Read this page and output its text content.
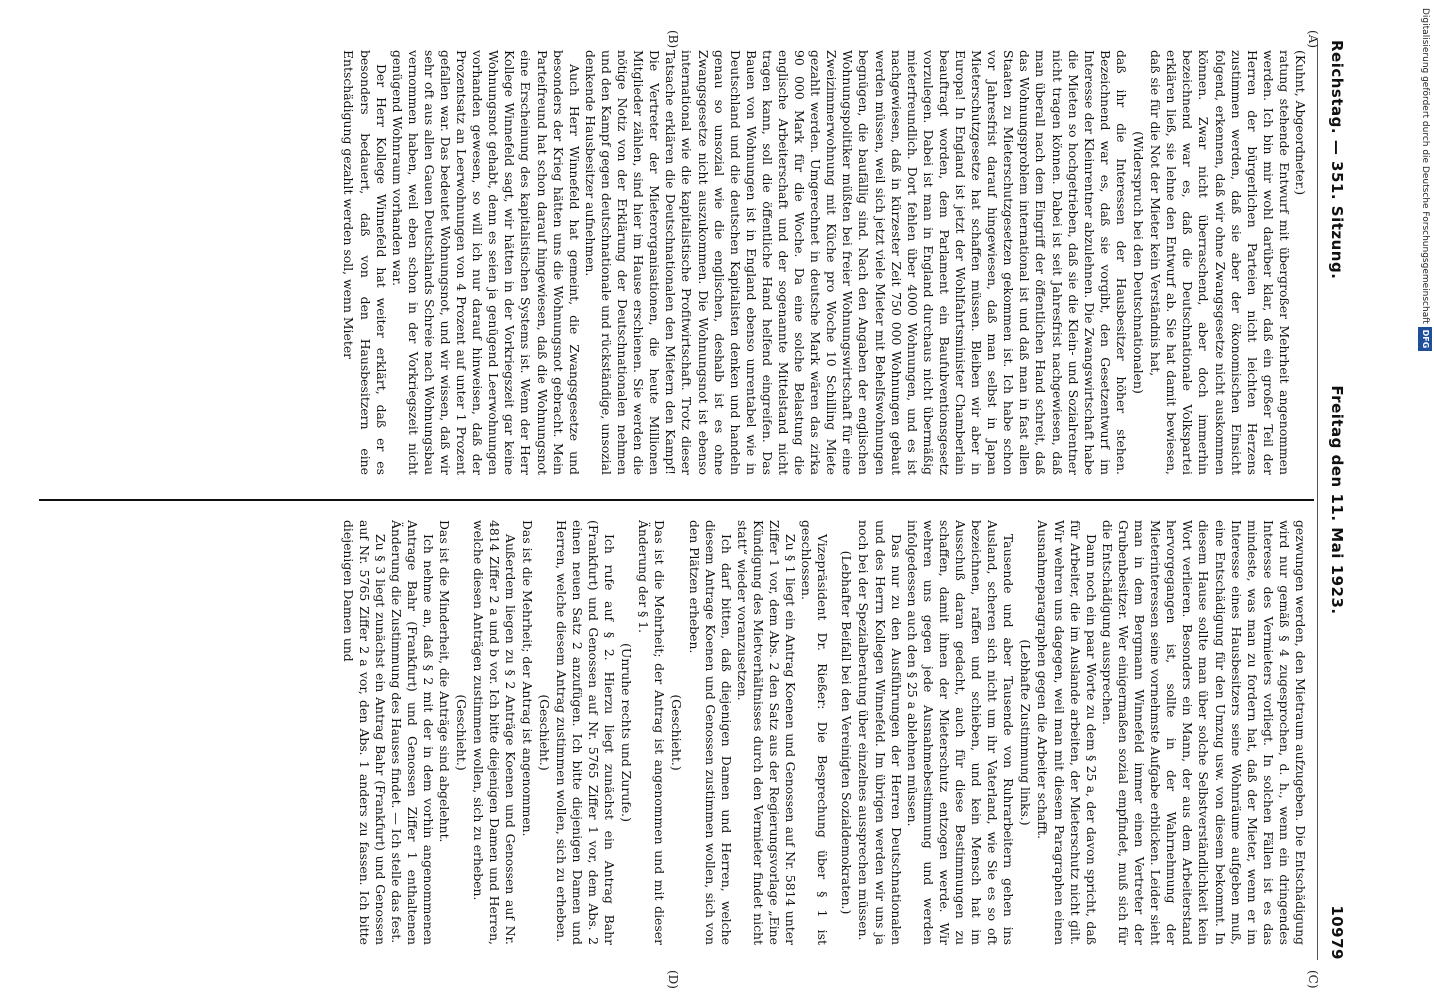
Reichstag. — 351. Sitzung.
Freitag den 11. Mai 1923.
10979
(A)
(B)
(C)
(D)

(Kuhnt, Abgeordneter.)

ratung stehende Entwurf mit übergroßer Mehrheit angenommen werden. Ich bin mir wohl darüber klar, daß ein großer Teil der Herren der bürgerlichen Parteien nicht leichten Herzens zustimmen werden, daß sie aber der ökonomischen Einsicht folgend, erkennen, daß wir ohne Zwangsgesetze nicht auskommen können. Zwar nicht überraschend, aber doch immerhin bezeichnend war es, daß die Deutschnationale Volkspartei erklären ließ, sie lehne den Entwurf ab. Sie hat damit bewiesen, daß sie für die Not der Mieter kein Verständnis hat,

(Widerspruch bei den Deutschnationalen)

daß ihr die Interessen der Hausbesitzer höher stehen. Bezeichnend war es, daß sie vorgibt, den Gesetzentwurf im Interesse der Kleinrentner abzulehnen. Die Zwangswirtschaft habe die Mieten so hochgetrieben, daß sie die Klein- und Sozialrentner nicht tragen können. Dabei ist seit Jahresfrist nachgewiesen, daß man überall nach dem Eingriff der öffentlichen Hand schreit, daß das Wohnungsproblem international ist und daß man in fast allen Staaten zu Mieterschutzgesetzen gekommen ist. Ich habe schon vor Jahresfrist darauf hingewiesen, daß man selbst in Japan Mieterschutzgesetze hat schaffen müssen. Bleiben wir aber in Europa! In England ist jetzt der Wohlfahrtsminister Chamberlain beauftragt worden, dem Parlament ein Baufubventionsgesetz vorzulegen. Dabei ist man in England durchaus nicht übermäßig mieterfreundlich. Dort fehlen über 4000 Wohnungen, und es ist nachgewiesen, daß in kürzester Zeit 750 000 Wohnungen gebaut werden müssen, weil sich jetzt viele Mieter mit Behelfswohnungen begnügen, die baufällig sind. Nach den Angaben der englischen Wohnungspolitiker müßten bei freier Wohnungswirtschaft für eine Zweizimmerwohnung mit Küche pro Woche 10 Schilling Miete gezahlt werden. Umgerechnet in deutsche Mark wären das zirka 90 000 Mark für die Woche. Da eine solche Belastung die englische Arbeiterschaft und der sogenannte Mittelstand nicht tragen kann, soll die öffentliche Hand helfend eingreifen. Das Bauen von Wohnungen ist in England ebenso unrentabel wie in Deutschland und die deutschen Kapitalisten denken und handeln genau so unsozial wie die englischen, deshalb ist es ohne Zwangsgesetze nicht auszukommen. Die Wohnungsnot ist ebenso international wie die kapitalistische Profitwirtschaft. Trotz dieser Tatsache erklären die Deutschnationalen den Mietern den Kampf! Die Vertreter der Mieterorganisationen, die heute Millionen Mitglieder zählen, sind hier im Hause erschienen. Sie werden die nötige Notiz von der Erklärung der Deutschnationalen nehmen und den Kampf gegen deutschnationale und rückständige, unsozial denkende Hausbesitzer aufnehmen.

Auch Herr Winnefeld hat gemeint, die Zwangsgesetze und besonders der Krieg hätten uns die Wohnungsnot gebracht. Mein Parteifreund hat schon darauf hingewiesen, daß die Wohnungsnot eine Erscheinung des kapitalistischen Systems ist. Wenn der Herr Kollege Winnefeld sagt, wir hätten in der Vorkriegszeit gar keine Wohnungsnot gehabt, denn es seien ja genügend Leerwohnungen vorhanden gewesen, so will ich nur darauf hinweisen, daß der Prozentsatz an Leerwohnungen von 4 Prozent auf unter 1 Prozent gefallen war. Das bedeutet Wohnungsnot, und wir wissen, daß wir sehr oft aus allen Gauen Deutschlands Schreie nach Wohnungsbau vernommen haben, weil eben schon in der Vorkriegszeit nicht genügend Wohnraum vorhanden war.

Der Herr Kollege Winnefeld hat weiter erklärt, daß er es besonders bedauert, daß von den Hausbesitzern eine Entschädigung gezahlt werden soll, wenn Mieter

gezwungen werden, den Mietraum aufzugeben. Die Entschädigung wird nur gemäß § 4 zugesprochen, d. h., wenn ein dringendes Interesse des Vermieters vorliegt. In solchen Fällen ist es das mindeste, was man zu fordern hat, daß der Mieter, wenn er im Interesse eines Hausbesitzers seine Wohnräume aufgeben muß, eine Entschädigung für den Umzug usw. von diesem bekommt. In diesem Hause sollte man über solche Selbstverständlichkeit kein Wort verlieren. Besonders ein Mann, der aus dem Arbeiterstand hervorgegangen ist, sollte in der Wahrnehmung der Mieterinteressen seine vornehmste Aufgabe erblicken. Leider sieht man in dem Bergmann Winnefeld immer einen Vertreter der Grubenbesitzer. Wer einigermaßen sozial empfindet, muß sich für die Entschädigung aussprechen.

Dann noch ein paar Worte zu dem § 25 a, der davon spricht, daß für Arbeiter, die im Auslande arbeiten, der Mieterschutz nicht gilt. Wir wehren uns dagegen, weil man mit diesem Paragraphen einen Ausnahmeparagraphen gegen die Arbeiter schafft.

(Lebhafte Zustimmung links.)

Tausende und aber Tausende von Ruhrarbeitern gehen ins Ausland, scheren sich nicht um ihr Vaterland, wie Sie es so oft bezeichnen, raffen und schieben, und kein Mensch hat im Ausschuß daran gedacht, auch für diese Bestimmungen zu schaffen, damit ihnen der Mieterschutz entzogen werde. Wir wehren uns gegen jede Ausnahmebestimmung und werden infolgedessen auch den § 25 a ablehnen müssen.

Das nur zu den Ausführungen der Herren Deutschnationalen und des Herrn Kollegen Winnefeld. Im übrigen werden wir uns ja noch bei der Spezialberatung über einzelnes aussprechen müssen.

(Lebhafter Beifall bei den Vereinigten Sozialdemokraten.)

Vizepräsident Dr. Rießer: Die Besprechung über § 1 ist geschlossen.

Zu § 1 liegt ein Antrag Koenen und Genossen auf Nr. 5814 unter Ziffer 1 vor, dem Abs. 2 den Satz aus der Regierungsvorlage „Eine Kündigung des Mietverhältnisses durch den Vermieter findet nicht statt“ wieder voranzusetzen.

Ich darf bitten, daß diejenigen Damen und Herren, welche diesem Antrage Koenen und Genossen zustimmen wollen, sich von den Plätzen erheben.

(Geschieht.)

Das ist die Mehrheit; der Antrag ist angenommen und mit dieser Änderung der § 1.

(Unruhe rechts und Zurufe.)

Ich rufe auf § 2. Hierzu liegt zunächst ein Antrag Bahr (Frankfurt) und Genossen auf Nr. 5765 Ziffer 1 vor, dem Abs. 2 einen neuen Satz 2 anzufügen. Ich bitte diejenigen Damen und Herren, welche diesem Antrag zustimmen wollen, sich zu erheben.

(Geschieht.)

Das ist die Mehrheit; der Antrag ist angenommen.

Außerdem liegen zu § 2 Anträge Koenen und Genossen auf Nr. 4814 Ziffer 2 a und b vor. Ich bitte diejenigen Damen und Herren, welche diesen Anträgen zustimmen wollen, sich zu erheben.

(Geschieht.)

Das ist die Minderheit, die Anträge sind abgelehnt.

Ich nehme an, daß § 2 mit der in dem vorhin angenommenen Antrage Bahr (Frankfurt) und Genossen Ziffer 1 enthaltenen Änderung die Zustimmung des Hauses findet. — Ich stelle das fest.

Zu § 3 liegt zunächst ein Antrag Bahr (Frankfurt) und Genossen auf Nr. 5765 Ziffer 2 a vor, den Abs. 1 anders zu fassen. Ich bitte diejenigen Damen und

Digitalisierung gefördert durch die Deutsche Forschungsgemeinschaft DFG
